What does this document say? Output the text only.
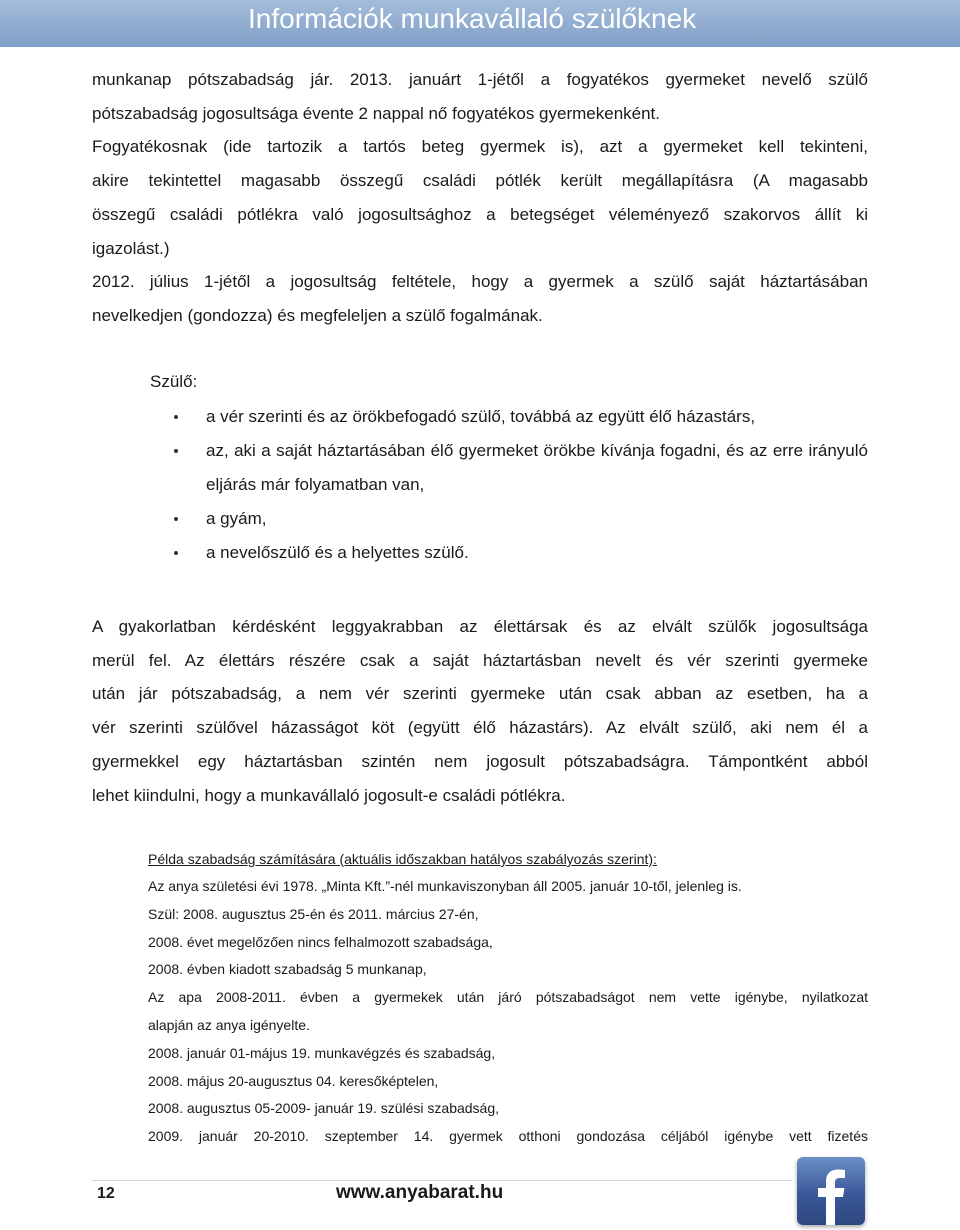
Információk munkavállaló szülőknek

munkanap pótszabadság jár. 2013. januárt 1-jétől a fogyatékos gyermeket nevelő szülő
pótszabadság jogosultsága évente 2 nappal nő fogyatékos gyermekenként.
Fogyatékosnak (ide tartozik a tartós beteg gyermek is), azt a gyermeket kell tekinteni,
akire tekintettel magasabb összegű családi pótlék került megállapításra (A magasabb
összegű családi pótlékra való jogosultsághoz a betegséget véleményező szakorvos állít ki
igazolást.)
2012. július 1-jétől a jogosultság feltétele, hogy a gyermek a szülő saját háztartásában
nevelkedjen (gondozza) és megfeleljen a szülő fogalmának.

Szülő:
a vér szerinti és az örökbefogadó szülő, továbbá az együtt élő házastárs,
az, aki a saját háztartásában élő gyermeket örökbe kívánja fogadni, és az erre irányuló eljárás már folyamatban van,
a gyám,
a nevelőszülő és a helyettes szülő.

A gyakorlatban kérdésként leggyakrabban az élettársak és az elvált szülők jogosultsága
merül fel. Az élettárs részére csak a saját háztartásban nevelt és vér szerinti gyermeke
után jár pótszabadság, a nem vér szerinti gyermeke után csak abban az esetben, ha a
vér szerinti szülővel házasságot köt (együtt élő házastárs). Az elvált szülő, aki nem él a
gyermekkel egy háztartásban szintén nem jogosult pótszabadságra. Támpontként abból
lehet kiindulni, hogy a munkavállaló jogosult-e családi pótlékra.

Példa szabadság számítására (aktuális időszakban hatályos szabályozás szerint):

Az anya születési évi 1978. „Minta Kft.”-nél munkaviszonyban áll 2005. január 10-től, jelenleg is.

Szül: 2008. augusztus 25-én és 2011. március 27-én,

2008. évet megelőzően nincs felhalmozott szabadsága,

2008. évben kiadott szabadság 5 munkanap,

Az apa 2008-2011. évben a gyermekek után járó pótszabadságot nem vette igénybe, nyilatkozat

alapján az anya igényelte.

2008. január 01-május 19. munkavégzés és szabadság,

2008. május 20-augusztus 04. keresőképtelen,

2008. augusztus 05-2009- január 19. szülési szabadság,

2009. január 20-2010. szeptember 14. gyermek otthoni gondozása céljából igénybe vett fizetés

12	www.anyabarat.hu
